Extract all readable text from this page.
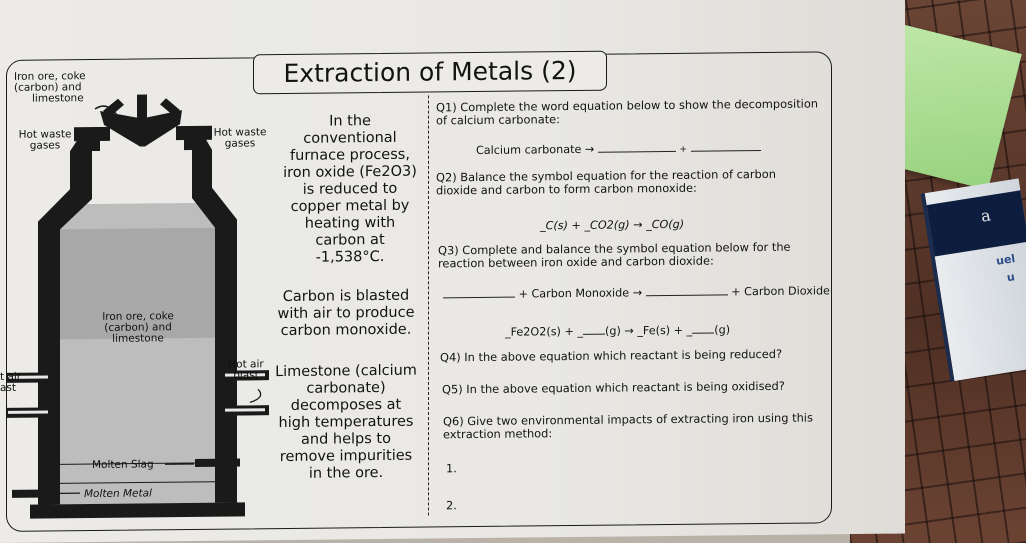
a
uel
u
Iron ore, coke
(carbon) and
limestone
Hot waste
gases
Hot waste
gases
Iron ore, coke
(carbon) and
limestone
t air
ast
Hot air
blast
Molten Slag
Molten Metal
Extraction of Metals (2)
In the
conventional
furnace process,
iron oxide (Fe2O3)
is reduced to
copper metal by
heating with
carbon at
-1,538°C.
Carbon is blasted
with air to produce
carbon monoxide.
Limestone (calcium
carbonate)
decomposes at
high temperatures
and helps to
remove impurities
in the ore.
Q1) Complete the word equation below to show the decomposition
of calcium carbonate:
Calcium carbonate →	+
Q2) Balance the symbol equation for the reaction of carbon
dioxide and carbon to form carbon monoxide:
_C(s) + _CO2(g) → _CO(g)
Q3) Complete and balance the symbol equation below for the
reaction between iron oxide and carbon dioxide:
+ Carbon Monoxide →	+ Carbon Dioxide
_Fe2O2(s) + _ (g) → _Fe(s) + _ (g)
Q4) In the above equation which reactant is being reduced?
Q5) In the above equation which reactant is being oxidised?
Q6) Give two environmental impacts of extracting iron using this
extraction method:
1.
2.
